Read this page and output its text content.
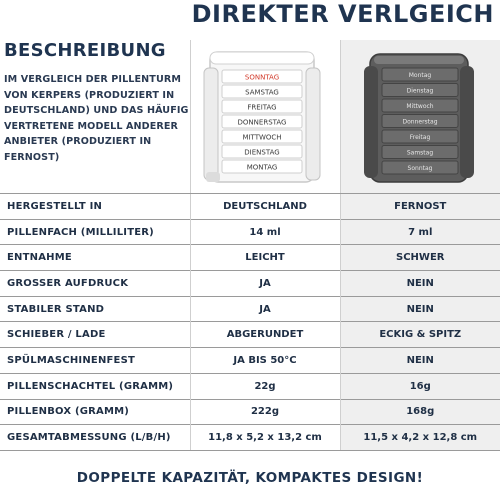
DIREKTER VERLGEICH
BESCHREIBUNG
IM VERGLEICH DER PILLENTURM VON KERPERS (PRODUZIERT IN DEUTSCHLAND) UND DAS HÄUFIG VERTRETENE MODELL ANDERER ANBIETER (PRODUZIERT IN FERNOST)
SONNTAG
SAMSTAG
FREITAG
DONNERSTAG
MITTWOCH
DIENSTAG
MONTAG
Montag
Dienstag
Mittwoch
Donnerstag
Freitag
Samstag
Sonntag
HERGESTELLT IN	DEUTSCHLAND	FERNOST
PILLENFACH (MILLILITER)	14 ml	7 ml
ENTNAHME	LEICHT	SCHWER
GROSSER AUFDRUCK	JA	NEIN
STABILER STAND	JA	NEIN
SCHIEBER / LADE	ABGERUNDET	ECKIG & SPITZ
SPÜLMASCHINENFEST	JA BIS 50°C	NEIN
PILLENSCHACHTEL (GRAMM)	22g	16g
PILLENBOX (GRAMM)	222g	168g
GESAMTABMESSUNG (L/B/H)	11,8 x 5,2 x 13,2 cm	11,5 x 4,2 x 12,8 cm
DOPPELTE KAPAZITÄT, KOMPAKTES DESIGN!
